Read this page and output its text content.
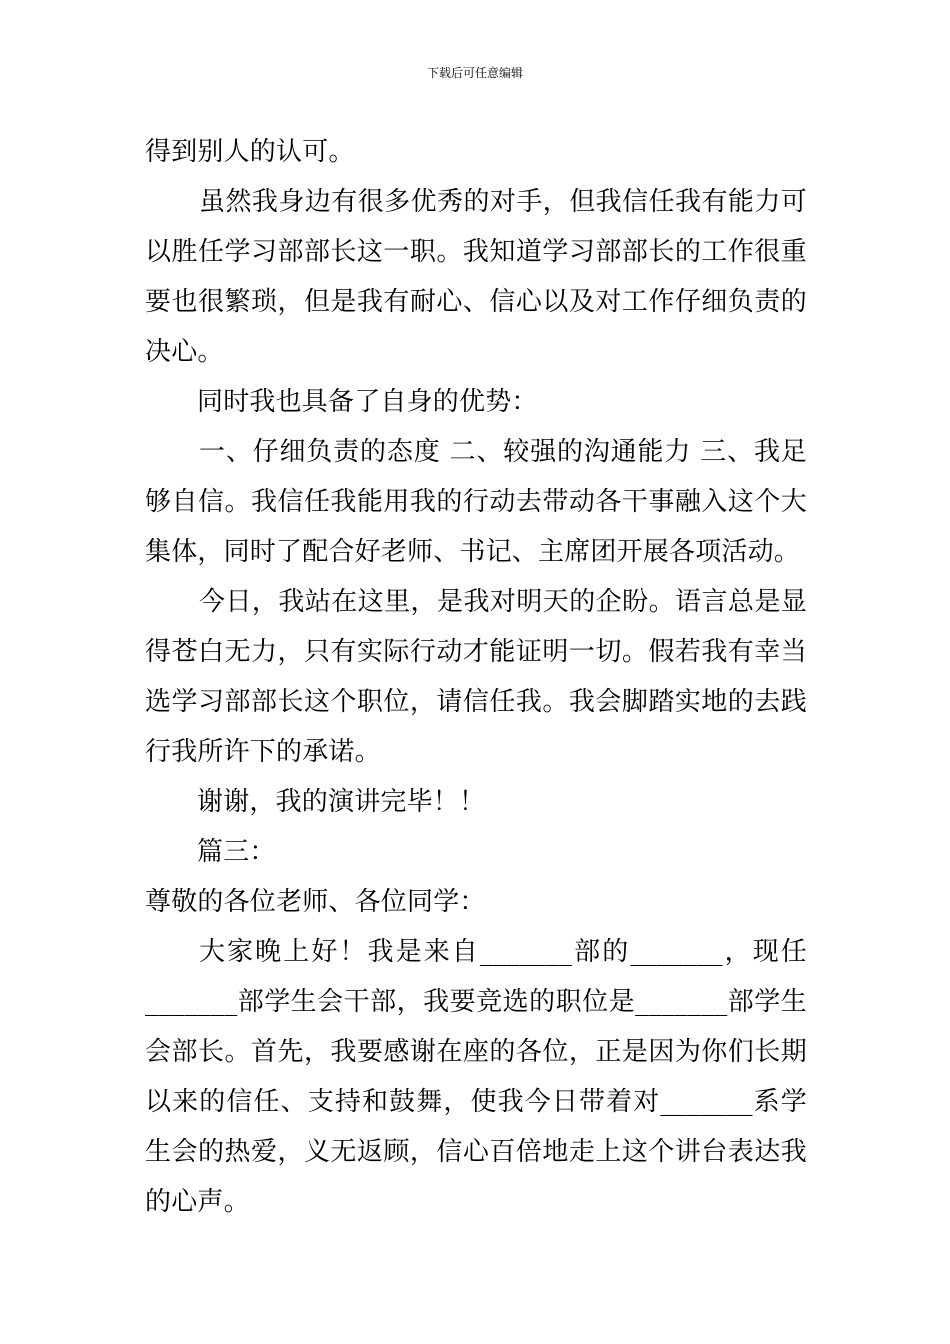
下载后可任意编辑

得到别人的认可。

虽然我身边有很多优秀的对手，但我信任我有能力可以胜任学习部部长这一职。我知道学习部部长的工作很重要也很繁琐，但是我有耐心、信心以及对工作仔细负责的决心。

同时我也具备了自身的优势：

一、仔细负责的态度 二、较强的沟通能力 三、我足够自信。我信任我能用我的行动去带动各干事融入这个大集体，同时了配合好老师、书记、主席团开展各项活动。

今日，我站在这里，是我对明天的企盼。语言总是显得苍白无力，只有实际行动才能证明一切。假若我有幸当选学习部部长这个职位，请信任我。我会脚踏实地的去践行我所许下的承诺。

谢谢，我的演讲完毕！！

篇三：

尊敬的各位老师、各位同学：

大家晚上好！我是来自_______部的_______，现任_______部学生会干部，我要竞选的职位是_______部学生会部长。首先，我要感谢在座的各位，正是因为你们长期以来的信任、支持和鼓舞，使我今日带着对_______系学生会的热爱，义无返顾，信心百倍地走上这个讲台表达我的心声。
